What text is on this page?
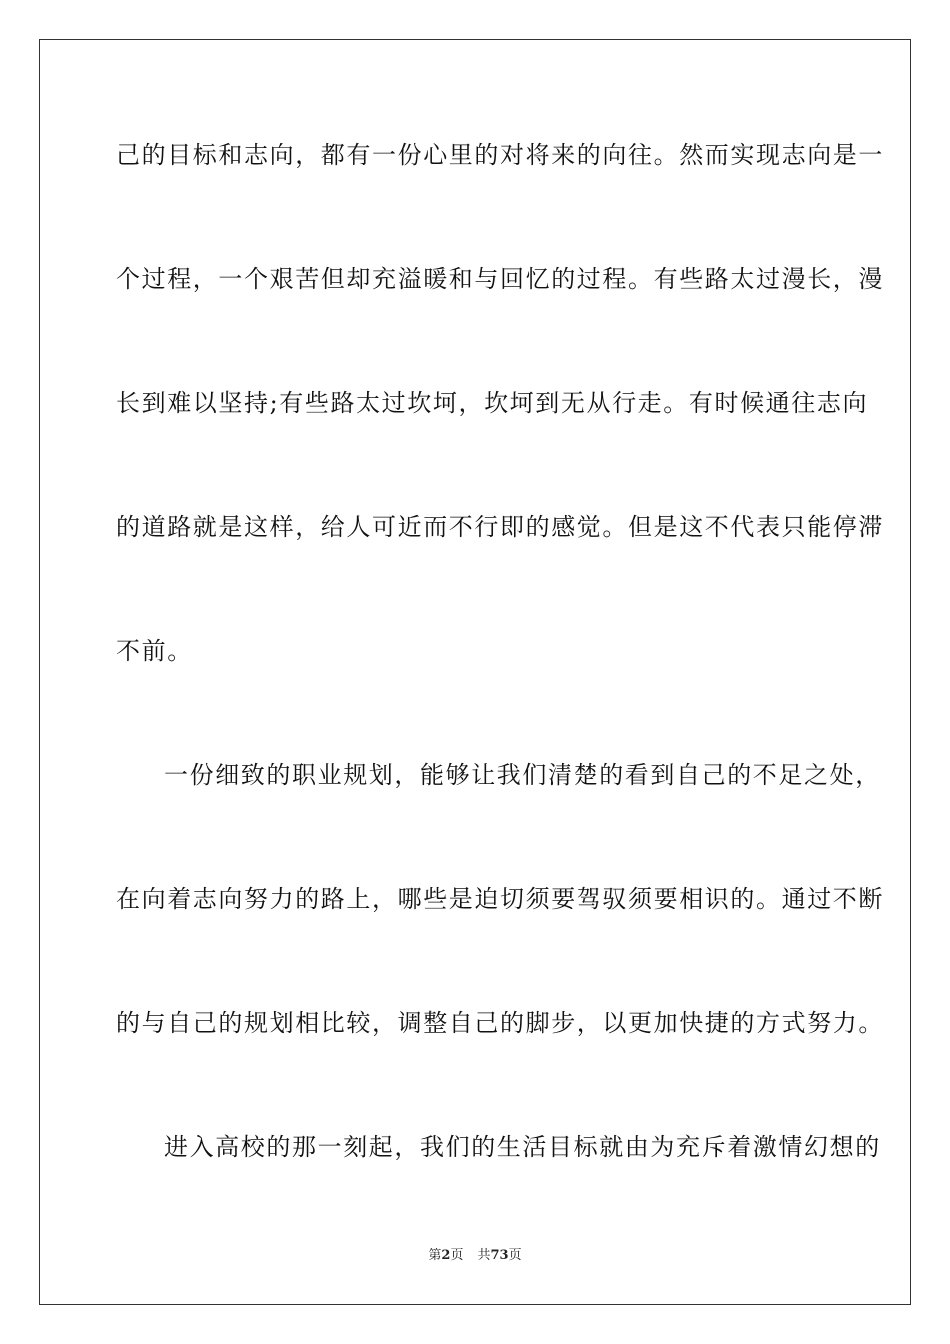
己的目标和志向，都有一份心里的对将来的向往。然而实现志向是一
个过程，一个艰苦但却充溢暖和与回忆的过程。有些路太过漫长，漫
长到难以坚持;有些路太过坎坷，坎坷到无从行走。有时候通往志向
的道路就是这样，给人可近而不行即的感觉。但是这不代表只能停滞
不前。
一份细致的职业规划，能够让我们清楚的看到自己的不足之处，
在向着志向努力的路上，哪些是迫切须要驾驭须要相识的。通过不断
的与自己的规划相比较，调整自己的脚步，以更加快捷的方式努力。
进入高校的那一刻起，我们的生活目标就由为充斥着激情幻想的
第2页 共73页
